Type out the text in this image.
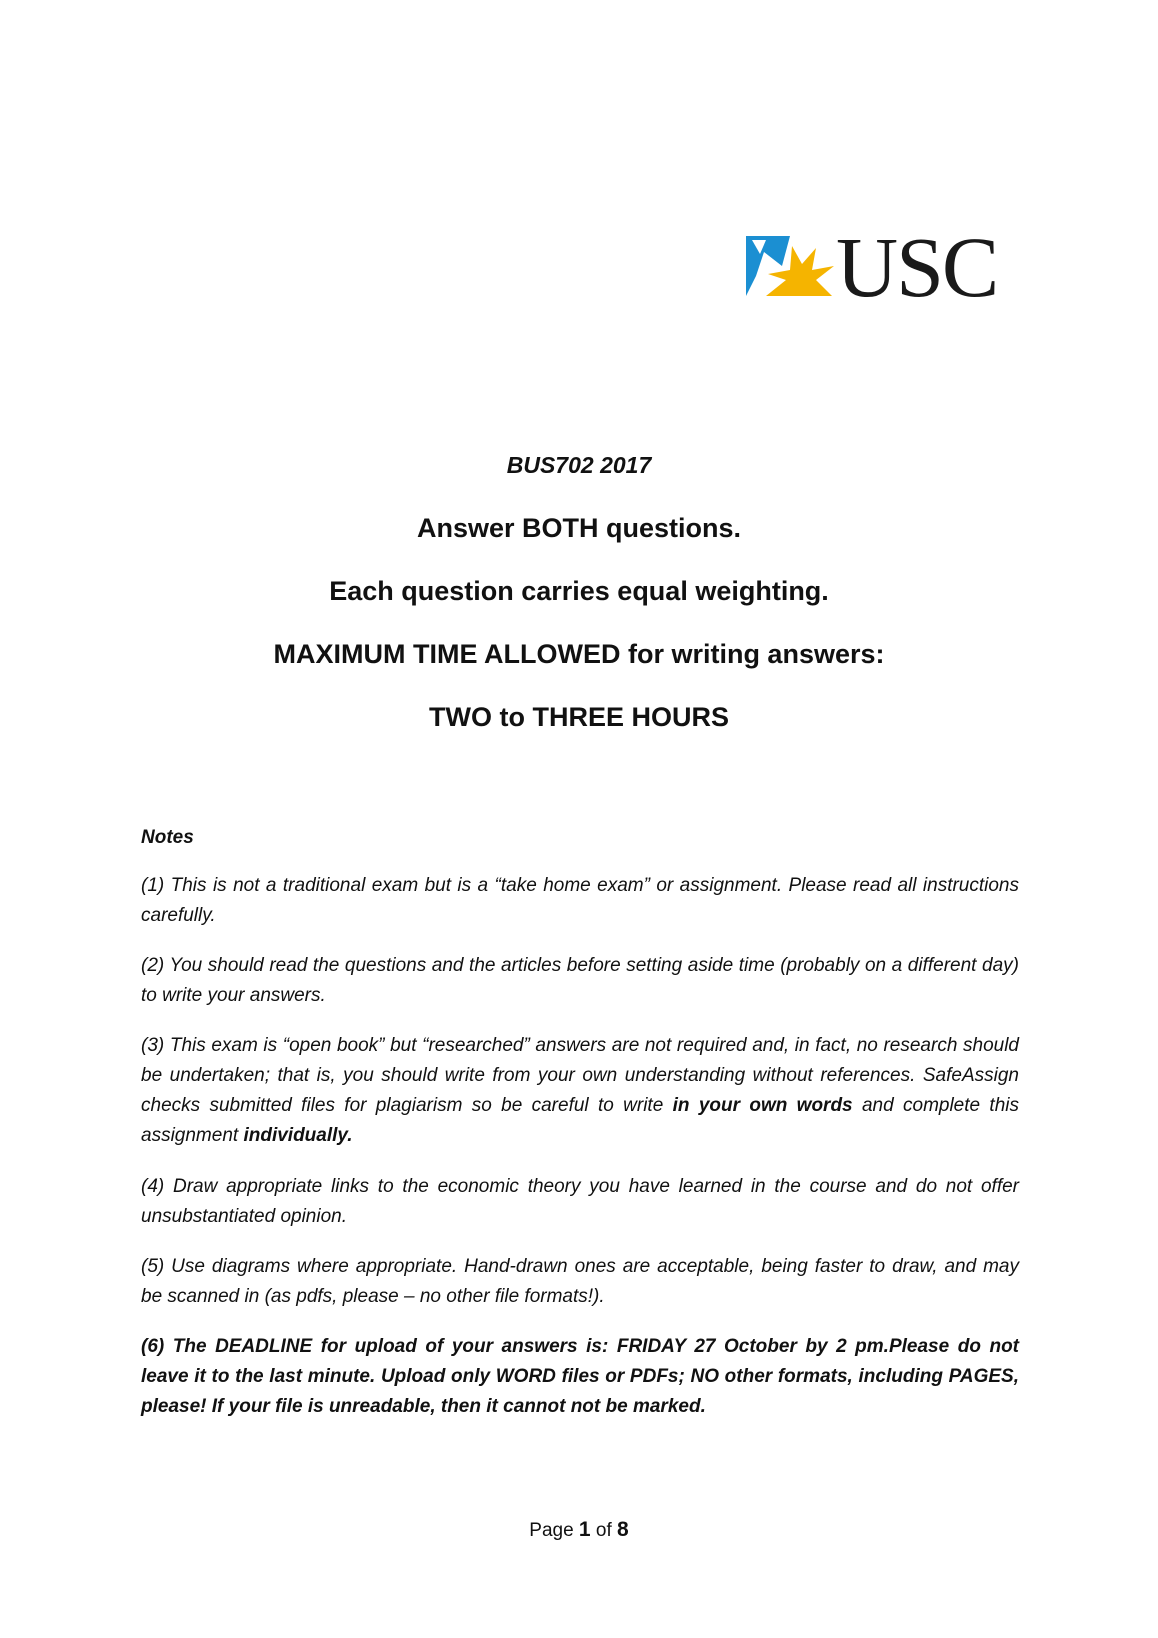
USC
BUS702 2017
Answer BOTH questions.
Each question carries equal weighting.
MAXIMUM TIME ALLOWED for writing answers:
TWO to THREE HOURS
Notes
(1) This is not a traditional exam but is a “take home exam” or assignment. Please read all instructions carefully.
(2) You should read the questions and the articles before setting aside time (probably on a different day) to write your answers.
(3) This exam is “open book” but “researched” answers are not required and, in fact, no research should be undertaken; that is, you should write from your own understanding without references. SafeAssign checks submitted files for plagiarism so be careful to write in your own words and complete this assignment individually.
(4) Draw appropriate links to the economic theory you have learned in the course and do not offer unsubstantiated opinion.
(5) Use diagrams where appropriate. Hand-drawn ones are acceptable, being faster to draw, and may be scanned in (as pdfs, please – no other file formats!).
(6) The DEADLINE for upload of your answers is: FRIDAY 27 October by 2 pm.Please do not leave it to the last minute. Upload only WORD files or PDFs; NO other formats, including PAGES, please! If your file is unreadable, then it cannot not be marked.
Page 1 of 8
